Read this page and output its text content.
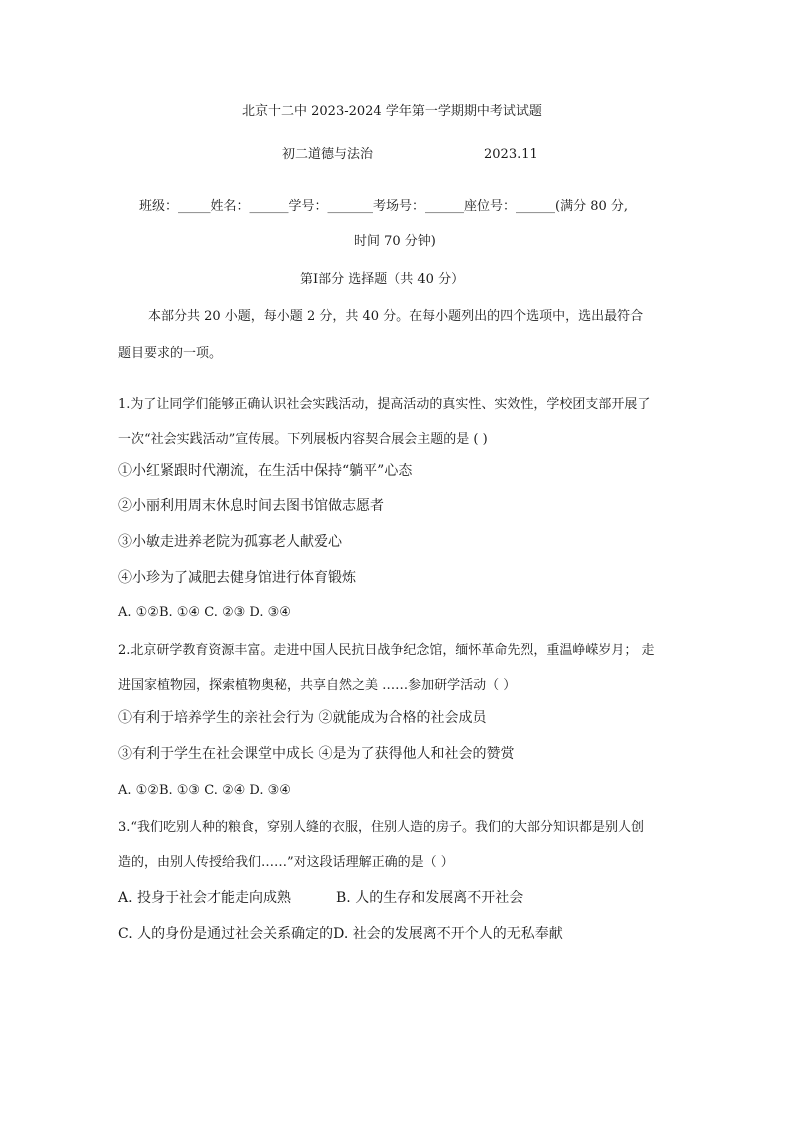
北京十二中 2023-2024 学年第一学期期中考试试题
初二道德与法治	2023.11
班级：_____姓名：______学号：_______考场号：______座位号：______(满分 80 分,
时间 70 分钟)
第Ⅰ部分 选择题（共 40 分）
本部分共 20 小题，每小题 2 分，共 40 分。在每小题列出的四个选项中，选出最符合
题目要求的一项。
1.为了让同学们能够正确认识社会实践活动，提高活动的真实性、实效性，学校团支部开展了
一次“社会实践活动”宣传展。下列展板内容契合展会主题的是 ( )
①小红紧跟时代潮流，在生活中保持“躺平”心态
②小丽利用周末休息时间去图书馆做志愿者
③小敏走进养老院为孤寡老人献爱心
④小珍为了减肥去健身馆进行体育锻炼
A. ①②B. ①④ C. ②③ D. ③④
2.北京研学教育资源丰富。走进中国人民抗日战争纪念馆，缅怀革命先烈，重温峥嵘岁月； 走
进国家植物园，探索植物奥秘，共享自然之美 ……参加研学活动（ ）
①有利于培养学生的亲社会行为 ②就能成为合格的社会成员
③有利于学生在社会课堂中成长 ④是为了获得他人和社会的赞赏
A. ①②B. ①③ C. ②④ D. ③④
3.“我们吃别人种的粮食，穿别人缝的衣服，住别人造的房子。我们的大部分知识都是别人创
造的，由别人传授给我们……”对这段话理解正确的是（ ）
A. 投身于社会才能走向成熟	B. 人的生存和发展离不开社会
C. 人的身份是通过社会关系确定的D. 社会的发展离不开个人的无私奉献
